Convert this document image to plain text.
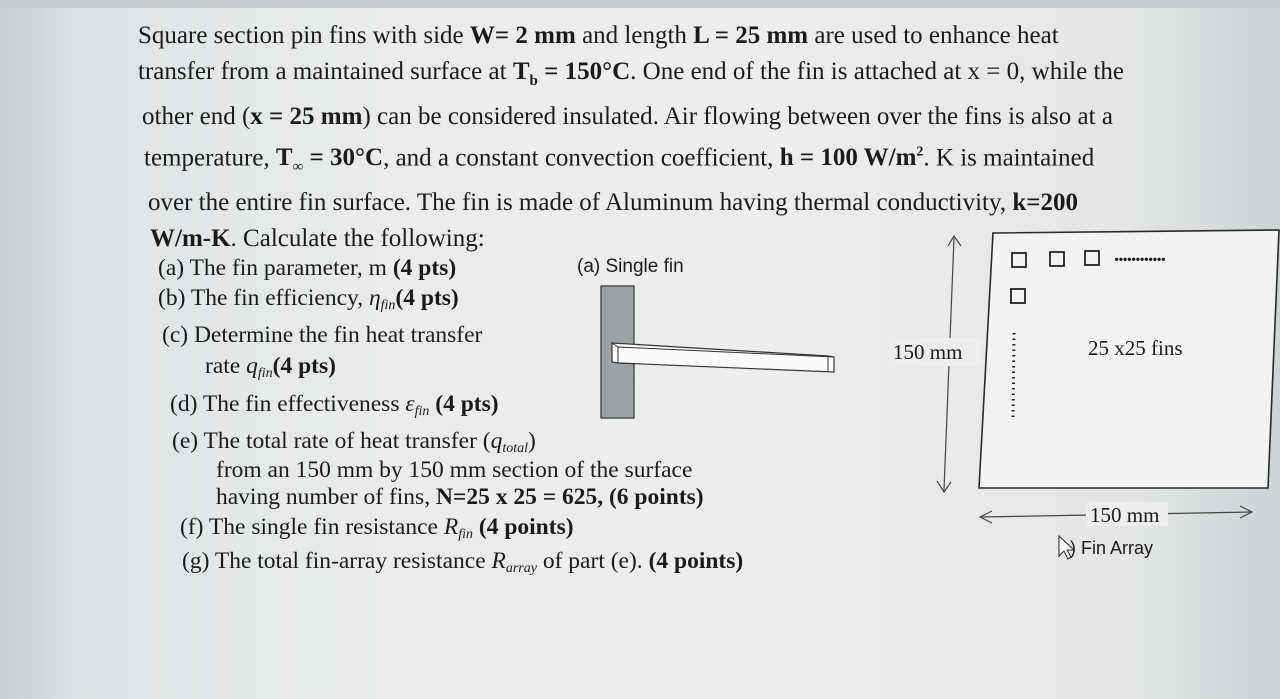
Square section pin fins with side W= 2 mm and length L = 25 mm are used to enhance heat
transfer from a maintained surface at $T_b = 150^\circ C$. One end of the fin is attached at x = 0, while the
other end (x = 25 mm) can be considered insulated. Air flowing between over the fins is also at a
temperature, $T_\infty = 30^\circ C$, and a constant convection coefficient, h = 100 $W/m^2$. K is maintained
over the entire fin surface. The fin is made of Aluminum having thermal conductivity, k=200
W/m-K. Calculate the following:
(a) The fin parameter, m (4 pts)
(b) The fin efficiency, ηfin(4 pts)
(c) Determine the fin heat transfer
rate qfin(4 pts)
(d) The fin effectiveness εfin (4 pts)
(e) The total rate of heat transfer (qtotal)
from an 150 mm by 150 mm section of the surface
having number of fins, N=25 x 25 = 625, (6 points)
(f) The single fin resistance Rfin (4 points)
(g) The total fin-array resistance Rarray of part (e). (4 points)
(a) Single fin
150 mm	25 x25 fins
............
150 mm
) Fin Array
